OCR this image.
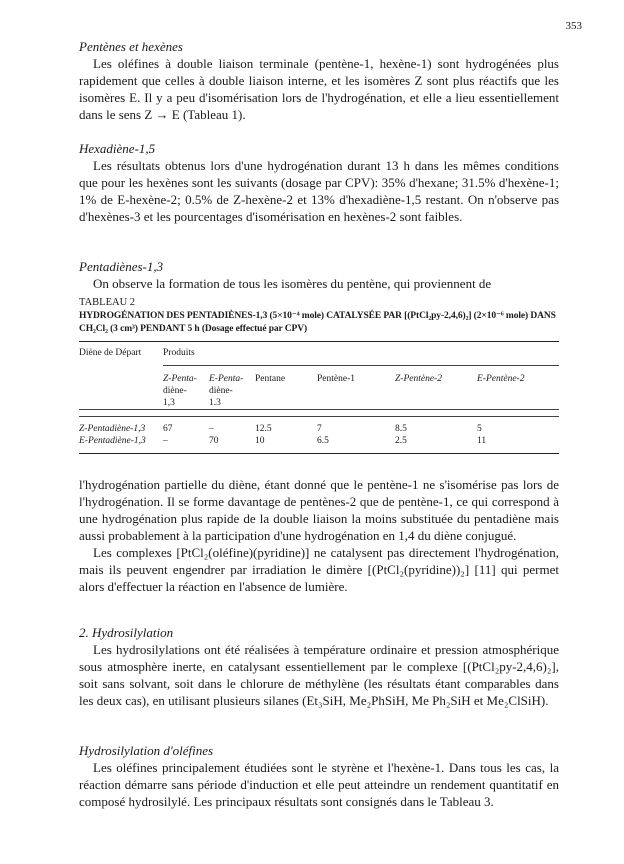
353

Pentènes et hexènes

Les oléfines à double liaison terminale (pentène-1, hexène-1) sont hydrogénées plus rapidement que celles à double liaison interne, et les isomères Z sont plus réactifs que les isomères E. Il y a peu d'isomérisation lors de l'hydrogénation, et elle a lieu essentiellement dans le sens Z → E (Tableau 1).

Hexadiène-1,5

Les résultats obtenus lors d'une hydrogénation durant 13 h dans les mêmes conditions que pour les hexènes sont les suivants (dosage par CPV): 35% d'hexane; 31.5% d'hexène-1; 1% de E-hexène-2; 0.5% de Z-hexène-2 et 13% d'hexadiène-1,5 restant. On n'observe pas d'hexènes-3 et les pourcentages d'isomérisation en hexènes-2 sont faibles.

Pentadiènes-1,3

On observe la formation de tous les isomères du pentène, qui proviennent de

TABLEAU 2

HYDROGÉNATION DES PENTADIÈNES-1,3 (5×10⁻⁴ mole) CATALYSÉE PAR [(PtCl₂py-2,4,6)₂] (2×10⁻⁶ mole) DANS CH₂Cl₂ (3 cm³) PENDANT 5 h (Dosage effectué par CPV)

Diène de Départ	Produits					

	Z-Penta-
diène-
1,3	E-Penta-
diène-
1.3	Pentane	Pentène-1	Z-Pentène-2	E-Pentène-2

Z-Pentadiène-1,3	67	–	12.5	7	8.5	5
E-Pentadiène-1,3	–	70	10	6.5	2.5	11

l'hydrogénation partielle du diène, étant donné que le pentène-1 ne s'isomérise pas lors de l'hydrogénation. Il se forme davantage de pentènes-2 que de pentène-1, ce qui correspond à une hydrogénation plus rapide de la double liaison la moins substituée du pentadiène mais aussi probablement à la participation d'une hydrogénation en 1,4 du diène conjugué.

Les complexes [PtCl₂(oléfine)(pyridine)] ne catalysent pas directement l'hydrogénation, mais ils peuvent engendrer par irradiation le dimère [(PtCl₂(pyridine))₂] [11] qui permet alors d'effectuer la réaction en l'absence de lumière.

2. Hydrosilylation

Les hydrosilylations ont été réalisées à température ordinaire et pression atmosphérique sous atmosphère inerte, en catalysant essentiellement par le complexe [(PtCl₂py-2,4,6)₂], soit sans solvant, soit dans le chlorure de méthylène (les résultats étant comparables dans les deux cas), en utilisant plusieurs silanes (Et₃SiH, Me₂PhSiH, Me Ph₂SiH et Me₂ClSiH).

Hydrosilylation d'oléfines

Les oléfines principalement étudiées sont le styrène et l'hexène-1. Dans tous les cas, la réaction démarre sans période d'induction et elle peut atteindre un rendement quantitatif en composé hydrosilylé. Les principaux résultats sont consignés dans le Tableau 3.
